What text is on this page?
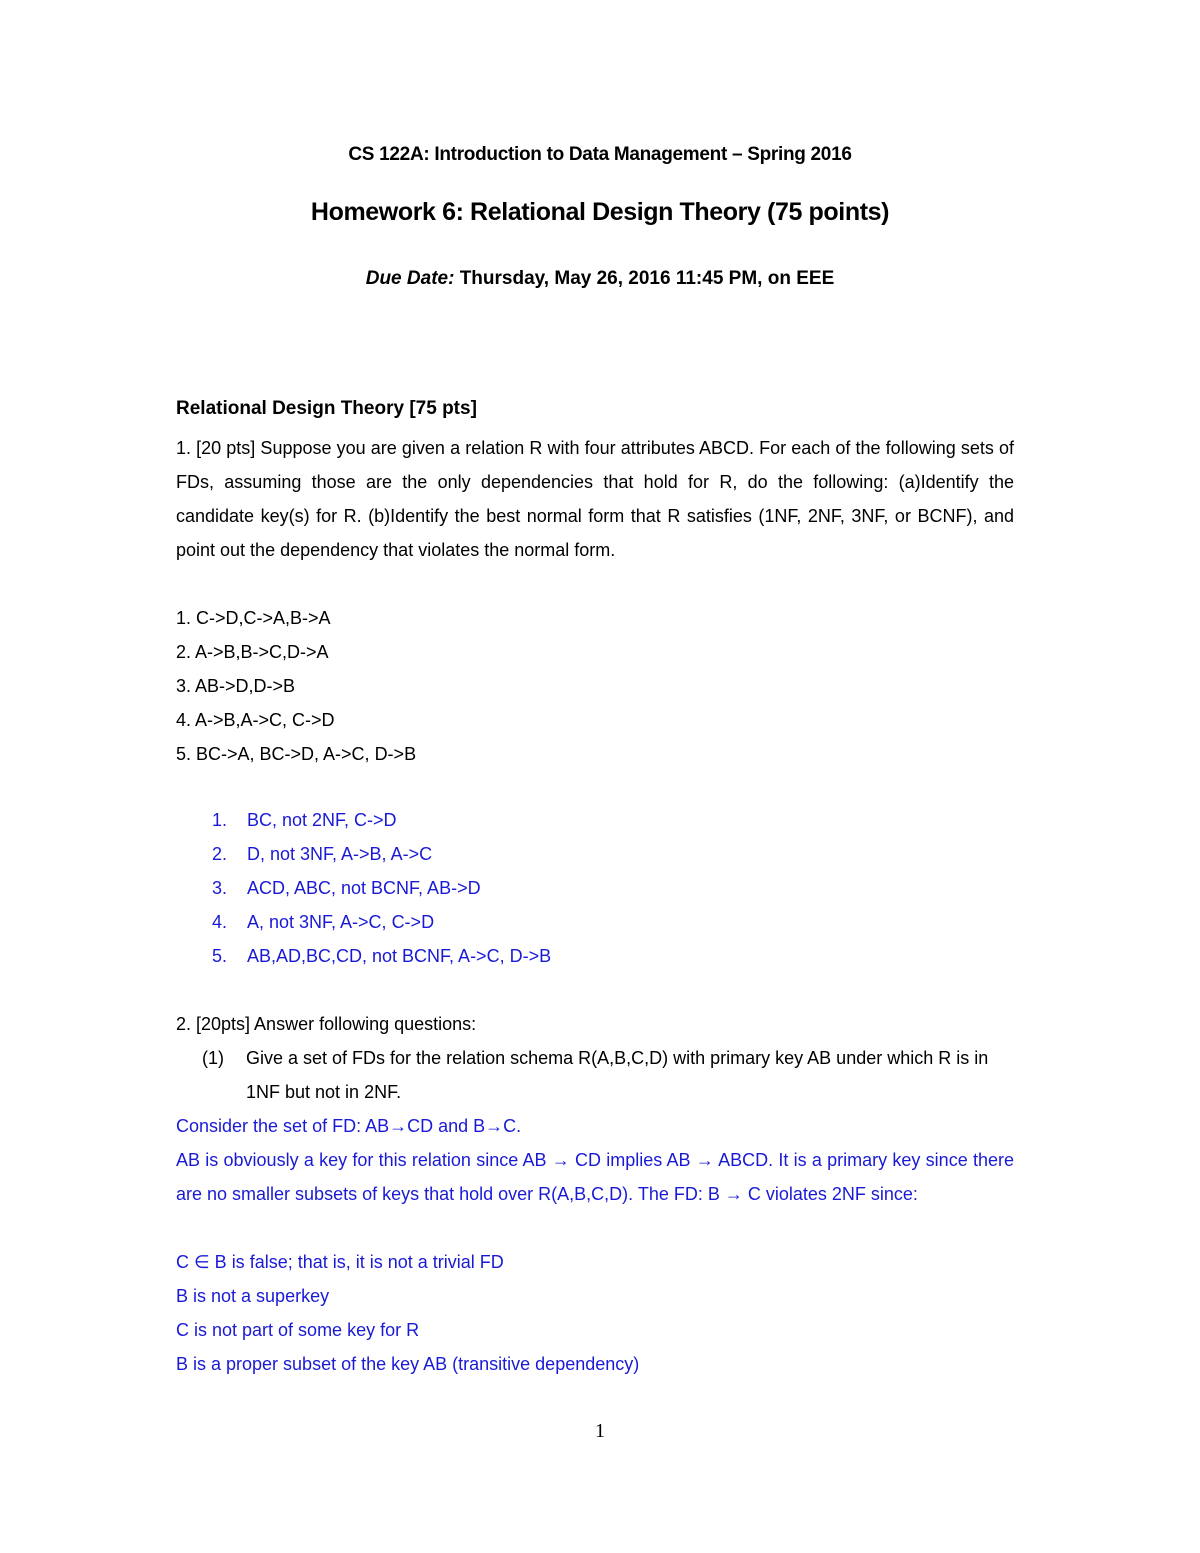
CS 122A: Introduction to Data Management – Spring 2016
Homework 6: Relational Design Theory (75 points)
Due Date: Thursday, May 26, 2016 11:45 PM, on EEE
Relational Design Theory [75 pts]
1. [20 pts] Suppose you are given a relation R with four attributes ABCD. For each of the following sets of FDs, assuming those are the only dependencies that hold for R, do the following: (a)Identify the candidate key(s) for R. (b)Identify the best normal form that R satisfies (1NF, 2NF, 3NF, or BCNF), and point out the dependency that violates the normal form.
1. C->D,C->A,B->A
2. A->B,B->C,D->A
3. AB->D,D->B
4. A->B,A->C, C->D
5. BC->A, BC->D, A->C, D->B
1. BC, not 2NF, C->D
2. D, not 3NF, A->B, A->C
3. ACD, ABC, not BCNF, AB->D
4. A, not 3NF, A->C, C->D
5. AB,AD,BC,CD, not BCNF, A->C, D->B
2. [20pts] Answer following questions:
(1) Give a set of FDs for the relation schema R(A,B,C,D) with primary key AB under which R is in 1NF but not in 2NF.
Consider the set of FD: AB→CD and B→C.
AB is obviously a key for this relation since AB → CD implies AB → ABCD. It is a primary key since there are no smaller subsets of keys that hold over R(A,B,C,D). The FD: B → C violates 2NF since:
C ∈ B is false; that is, it is not a trivial FD
B is not a superkey
C is not part of some key for R
B is a proper subset of the key AB (transitive dependency)
1
